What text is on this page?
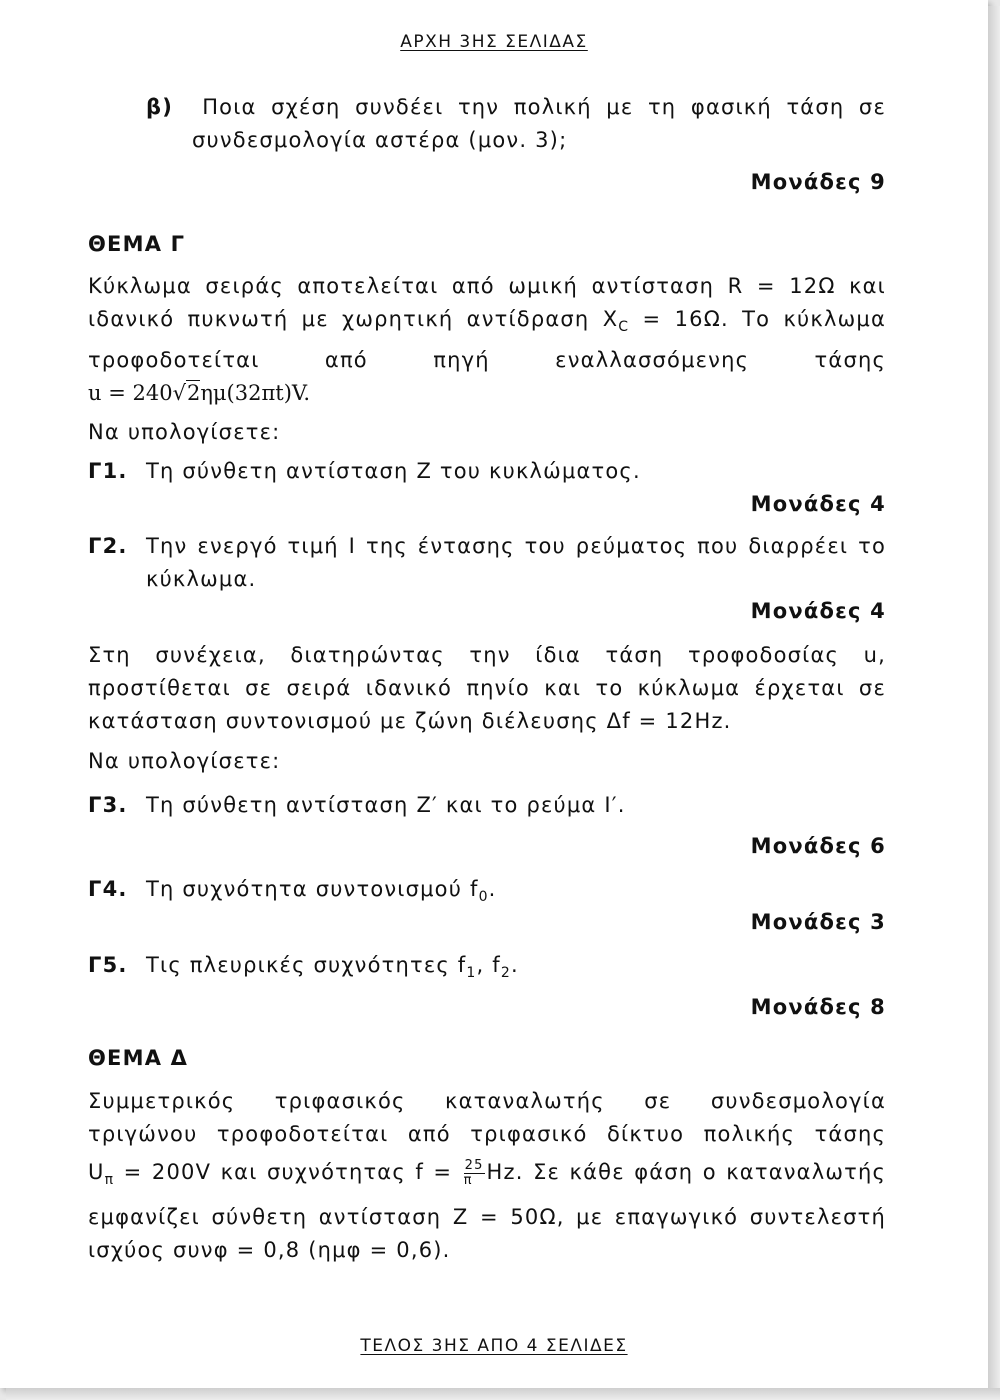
ΑΡΧΗ 3ΗΣ ΣΕΛΙΔΑΣ
β) Ποια σχέση συνδέει την πολική με τη φασική τάση σε
συνδεσμολογία αστέρα (μον. 3);
Μονάδες 9
ΘΕΜΑ Γ
Κύκλωμα σειράς αποτελείται από ωμική αντίσταση R = 12Ω και
ιδανικό πυκνωτή με χωρητική αντίδραση $X_C = 16\Omega$. Το κύκλωμα
τροφοδοτείται από πηγή εναλλασσόμενης τάσης
u = 240√2ημ(32πt)V.
Να υπολογίσετε:
Γ1. Τη σύνθετη αντίσταση Z του κυκλώματος.
Μονάδες 4
Γ2. Την ενεργό τιμή I της έντασης του ρεύματος που διαρρέει το
κύκλωμα.
Μονάδες 4
Στη συνέχεια, διατηρώντας την ίδια τάση τροφοδοσίας u,
προστίθεται σε σειρά ιδανικό πηνίο και το κύκλωμα έρχεται σε
κατάσταση συντονισμού με ζώνη διέλευσης Δf = 12Hz.
Να υπολογίσετε:
Γ3. Τη σύνθετη αντίσταση Z′ και το ρεύμα I′.
Μονάδες 6
Γ4. Τη συχνότητα συντονισμού $f_0$.
Μονάδες 3
Γ5. Τις πλευρικές συχνότητες $f_1$, $f_2$.
Μονάδες 8
ΘΕΜΑ Δ
Συμμετρικός τριφασικός καταναλωτής σε συνδεσμολογία
τριγώνου τροφοδοτείται από τριφασικό δίκτυο πολικής τάσης
$U_\pi = 200V$ και συχνότητας $f = \frac{25}{\pi} Hz$. Σε κάθε φάση ο καταναλωτής
εμφανίζει σύνθετη αντίσταση Z = 50Ω, με επαγωγικό συντελεστή
ισχύος συνφ = 0,8 (ημφ = 0,6).
ΤΕΛΟΣ 3ΗΣ ΑΠΟ 4 ΣΕΛΙΔΕΣ
